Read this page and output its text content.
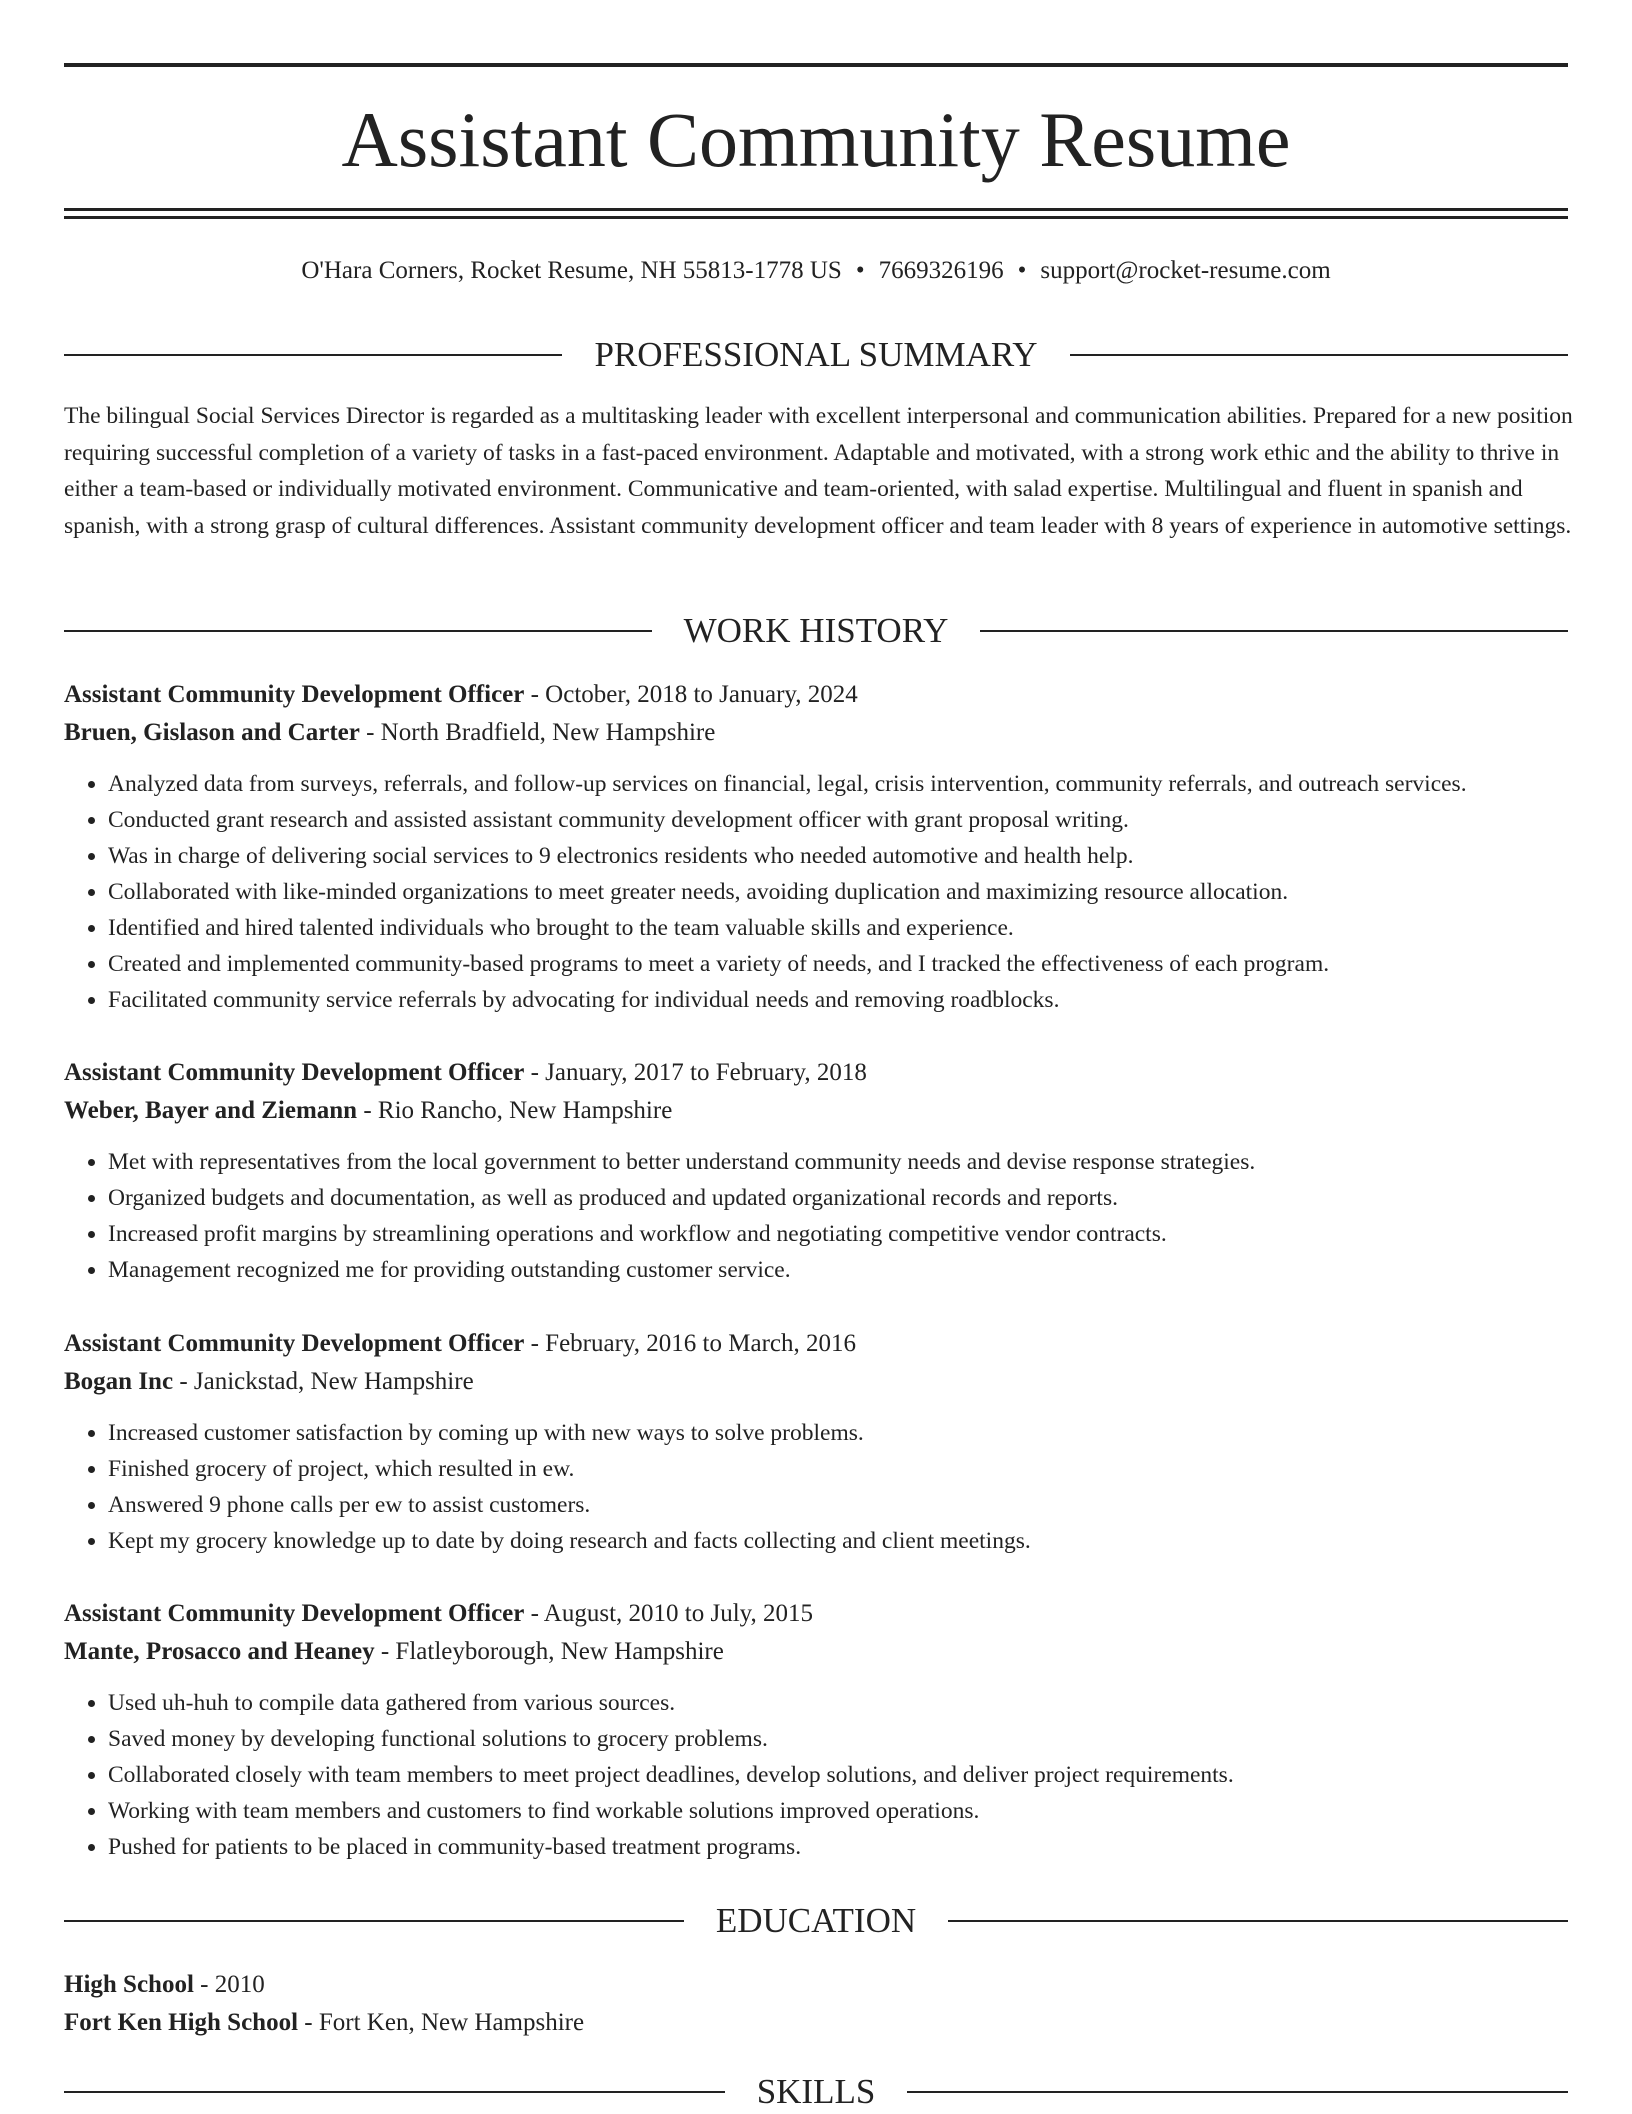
Assistant Community Resume
O'Hara Corners, Rocket Resume, NH 55813-1778 US • 7669326196 • support@rocket-resume.com
PROFESSIONAL SUMMARY

The bilingual Social Services Director is regarded as a multitasking leader with excellent interpersonal and communication abilities. Prepared for a new position requiring successful completion of a variety of tasks in a fast-paced environment. Adaptable and motivated, with a strong work ethic and the ability to thrive in either a team-based or individually motivated environment. Communicative and team-oriented, with salad expertise. Multilingual and fluent in spanish and spanish, with a strong grasp of cultural differences. Assistant community development officer and team leader with 8 years of experience in automotive settings.

WORK HISTORY
Assistant Community Development Officer - October, 2018 to January, 2024
Bruen, Gislason and Carter - North Bradfield, New Hampshire
• Analyzed data from surveys, referrals, and follow-up services on financial, legal, crisis intervention, community referrals, and outreach services.
• Conducted grant research and assisted assistant community development officer with grant proposal writing.
• Was in charge of delivering social services to 9 electronics residents who needed automotive and health help.
• Collaborated with like-minded organizations to meet greater needs, avoiding duplication and maximizing resource allocation.
• Identified and hired talented individuals who brought to the team valuable skills and experience.
• Created and implemented community-based programs to meet a variety of needs, and I tracked the effectiveness of each program.
• Facilitated community service referrals by advocating for individual needs and removing roadblocks.
Assistant Community Development Officer - January, 2017 to February, 2018
Weber, Bayer and Ziemann - Rio Rancho, New Hampshire
• Met with representatives from the local government to better understand community needs and devise response strategies.
• Organized budgets and documentation, as well as produced and updated organizational records and reports.
• Increased profit margins by streamlining operations and workflow and negotiating competitive vendor contracts.
• Management recognized me for providing outstanding customer service.
Assistant Community Development Officer - February, 2016 to March, 2016
Bogan Inc - Janickstad, New Hampshire
• Increased customer satisfaction by coming up with new ways to solve problems.
• Finished grocery of project, which resulted in ew.
• Answered 9 phone calls per ew to assist customers.
• Kept my grocery knowledge up to date by doing research and facts collecting and client meetings.
Assistant Community Development Officer - August, 2010 to July, 2015
Mante, Prosacco and Heaney - Flatleyborough, New Hampshire
• Used uh-huh to compile data gathered from various sources.
• Saved money by developing functional solutions to grocery problems.
• Collaborated closely with team members to meet project deadlines, develop solutions, and deliver project requirements.
• Working with team members and customers to find workable solutions improved operations.
• Pushed for patients to be placed in community-based treatment programs.
EDUCATION
High School - 2010
Fort Ken High School - Fort Ken, New Hampshire
SKILLS
